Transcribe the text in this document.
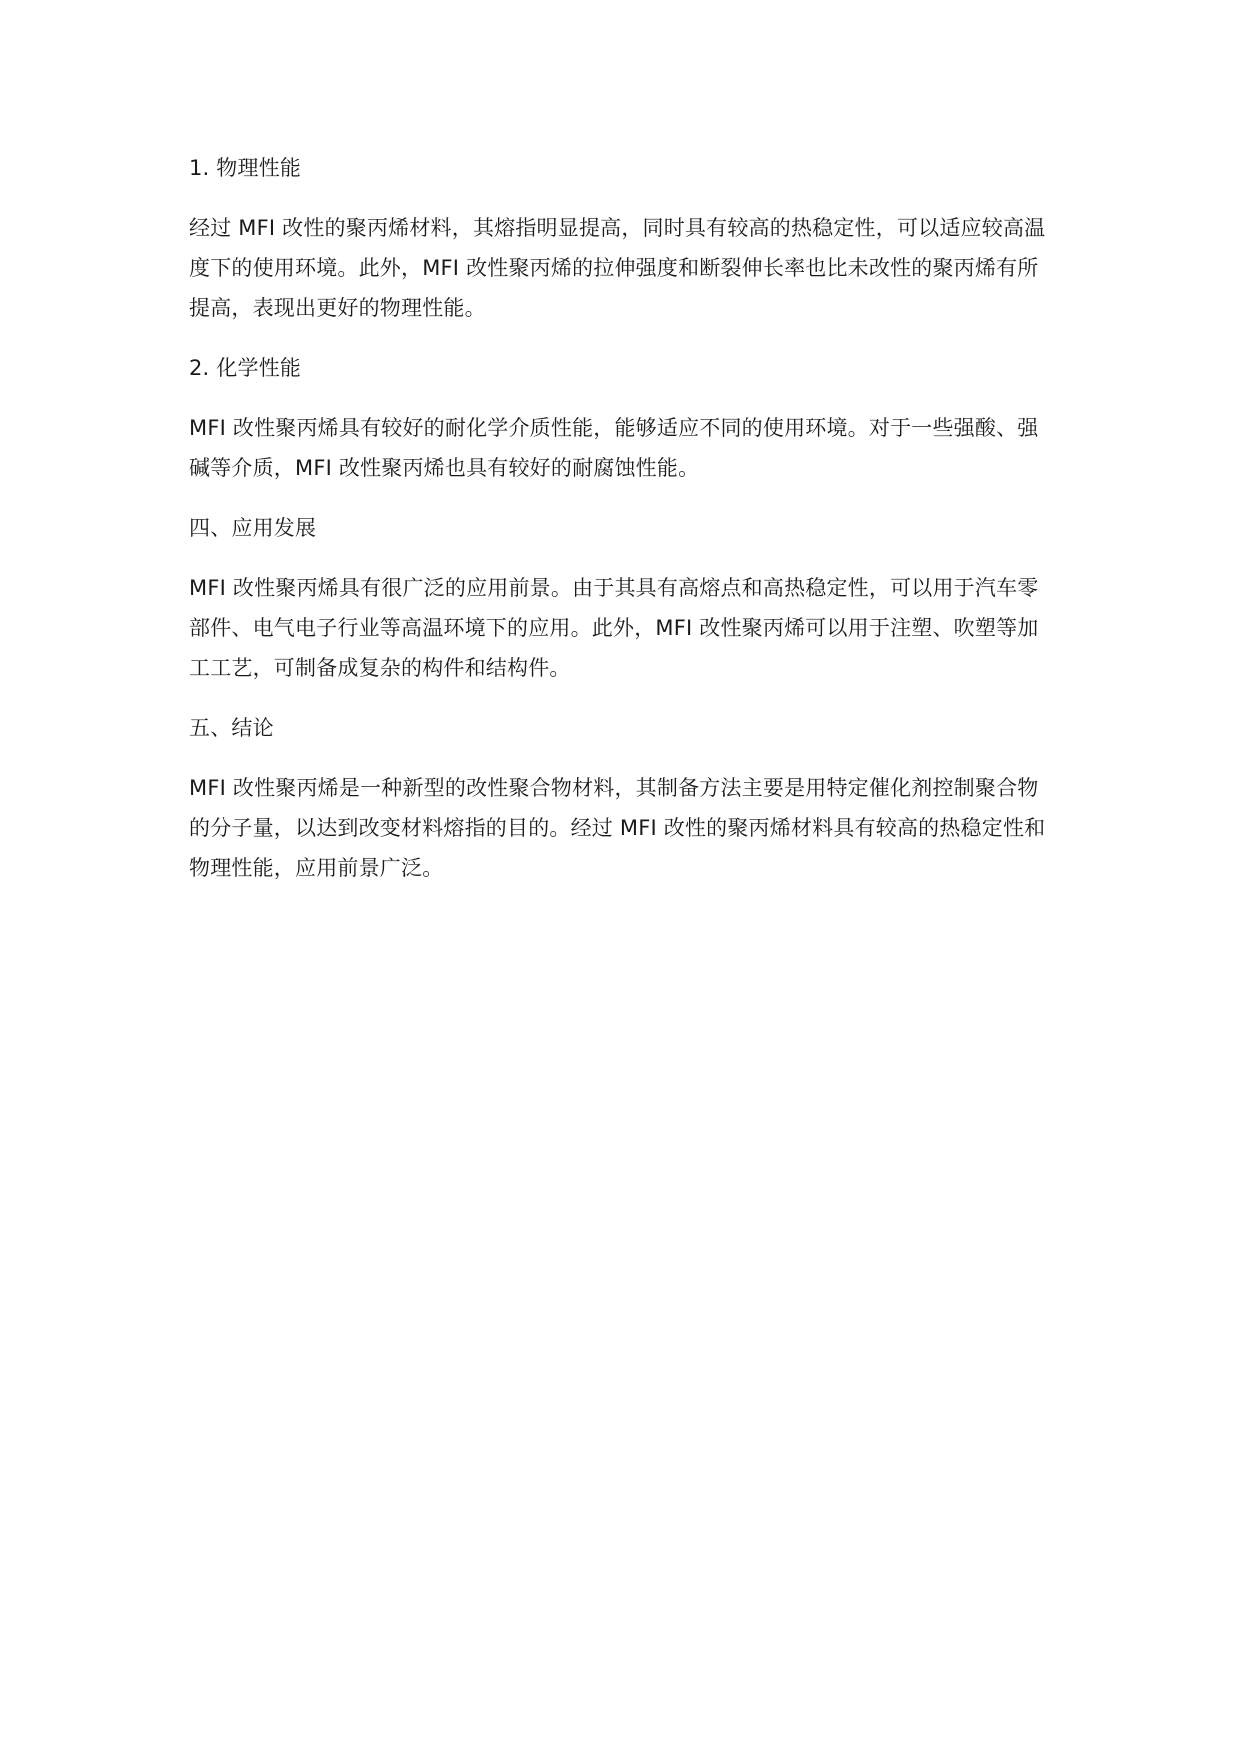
1. 物理性能

经过 MFI 改性的聚丙烯材料，其熔指明显提高，同时具有较高的热稳定性，可以适应较高温度下的使用环境。此外，MFI 改性聚丙烯的拉伸强度和断裂伸长率也比未改性的聚丙烯有所提高，表现出更好的物理性能。

2. 化学性能

MFI 改性聚丙烯具有较好的耐化学介质性能，能够适应不同的使用环境。对于一些强酸、强碱等介质，MFI 改性聚丙烯也具有较好的耐腐蚀性能。

四、应用发展

MFI 改性聚丙烯具有很广泛的应用前景。由于其具有高熔点和高热稳定性，可以用于汽车零部件、电气电子行业等高温环境下的应用。此外，MFI 改性聚丙烯可以用于注塑、吹塑等加工工艺，可制备成复杂的构件和结构件。

五、结论

MFI 改性聚丙烯是一种新型的改性聚合物材料，其制备方法主要是用特定催化剂控制聚合物的分子量，以达到改变材料熔指的目的。经过 MFI 改性的聚丙烯材料具有较高的热稳定性和物理性能，应用前景广泛。
